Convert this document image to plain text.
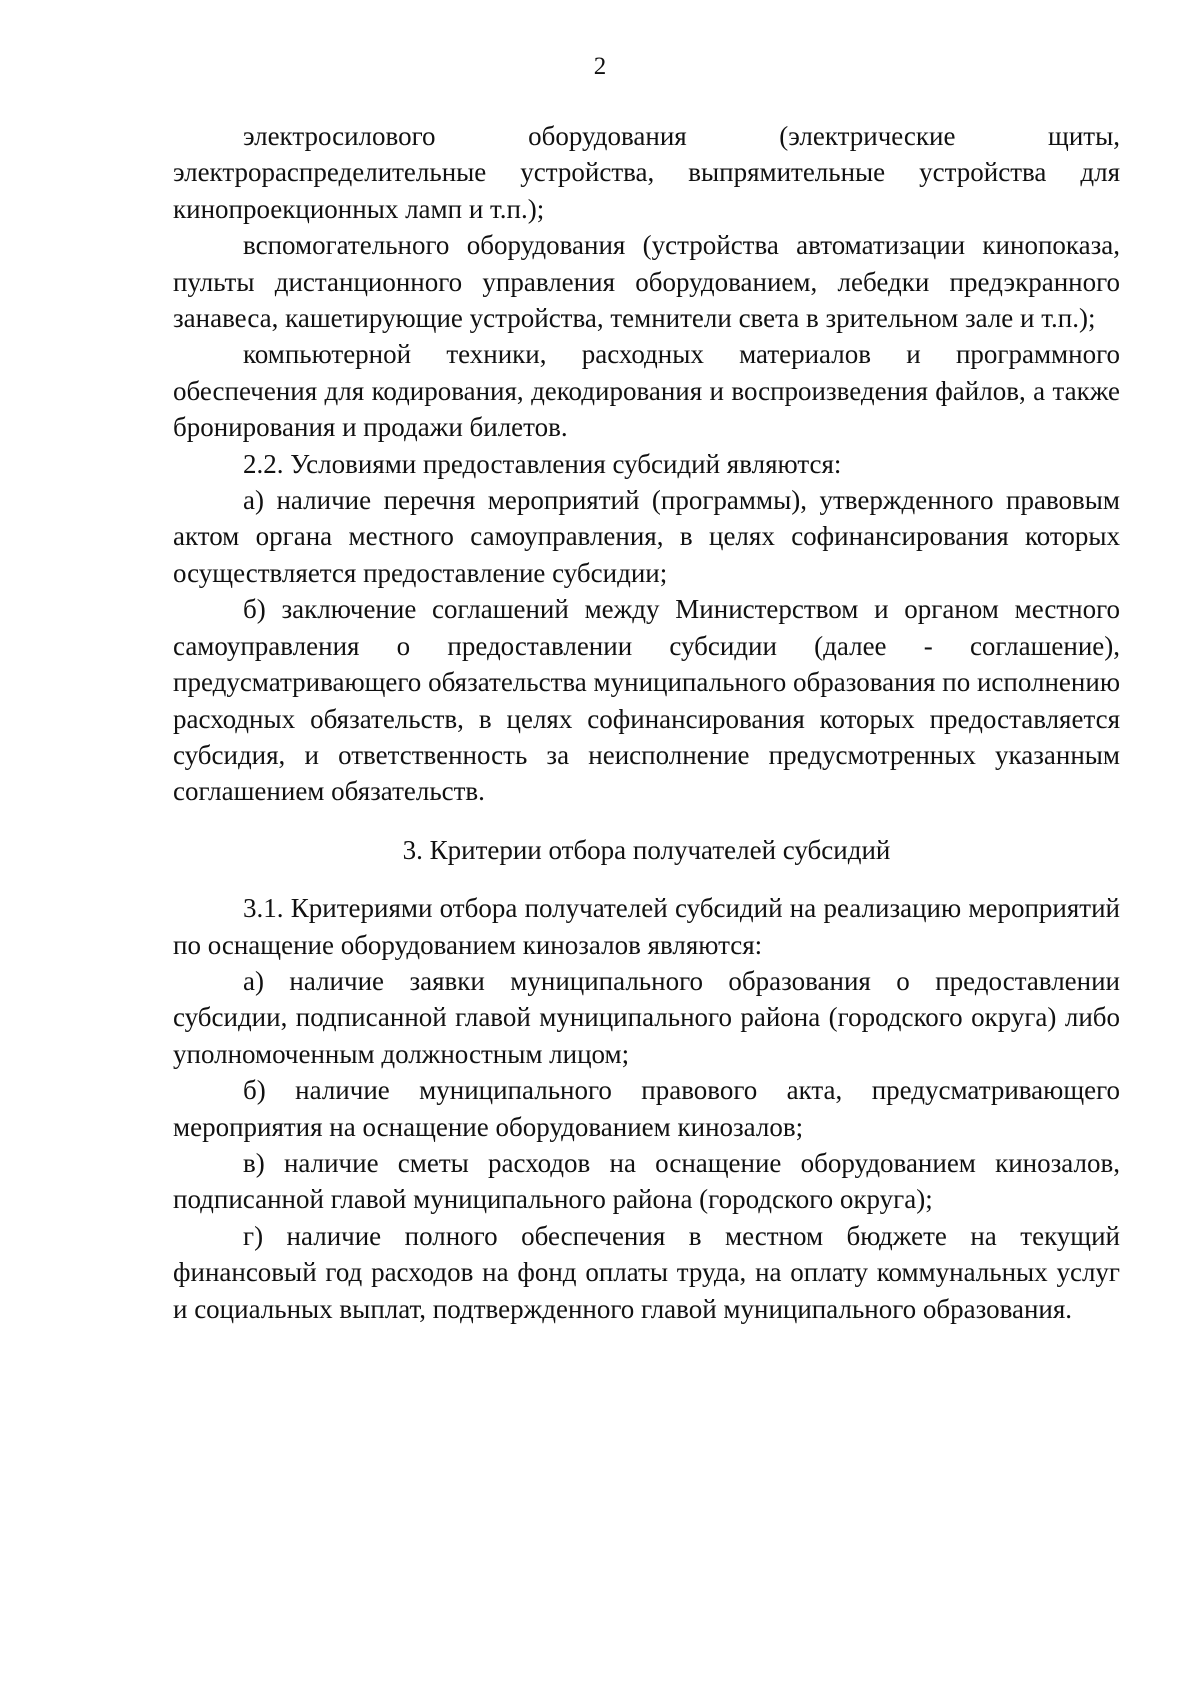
2

электросилового оборудования (электрические щиты, электрораспределительные устройства, выпрямительные устройства для кинопроекционных ламп и т.п.);

вспомогательного оборудования (устройства автоматизации кинопоказа, пульты дистанционного управления оборудованием, лебедки предэкранного занавеса, кашетирующие устройства, темнители света в зрительном зале и т.п.);

компьютерной техники, расходных материалов и программного обеспечения для кодирования, декодирования и воспроизведения файлов, а также бронирования и продажи билетов.

2.2. Условиями предоставления субсидий являются:

а) наличие перечня мероприятий (программы), утвержденного правовым актом органа местного самоуправления, в целях софинансирования которых осуществляется предоставление субсидии;

б) заключение соглашений между Министерством и органом местного самоуправления о предоставлении субсидии (далее - соглашение), предусматривающего обязательства муниципального образования по исполнению расходных обязательств, в целях софинансирования которых предоставляется субсидия, и ответственность за неисполнение предусмотренных указанным соглашением обязательств.

3. Критерии отбора получателей субсидий

3.1. Критериями отбора получателей субсидий на реализацию мероприятий по оснащение оборудованием кинозалов являются:

а) наличие заявки муниципального образования о предоставлении субсидии, подписанной главой муниципального района (городского округа) либо уполномоченным должностным лицом;

б) наличие муниципального правового акта, предусматривающего мероприятия на оснащение оборудованием кинозалов;

в) наличие сметы расходов на оснащение оборудованием кинозалов, подписанной главой муниципального района (городского округа);

г) наличие полного обеспечения в местном бюджете на текущий финансовый год расходов на фонд оплаты труда, на оплату коммунальных услуг и социальных выплат, подтвержденного главой муниципального образования.
